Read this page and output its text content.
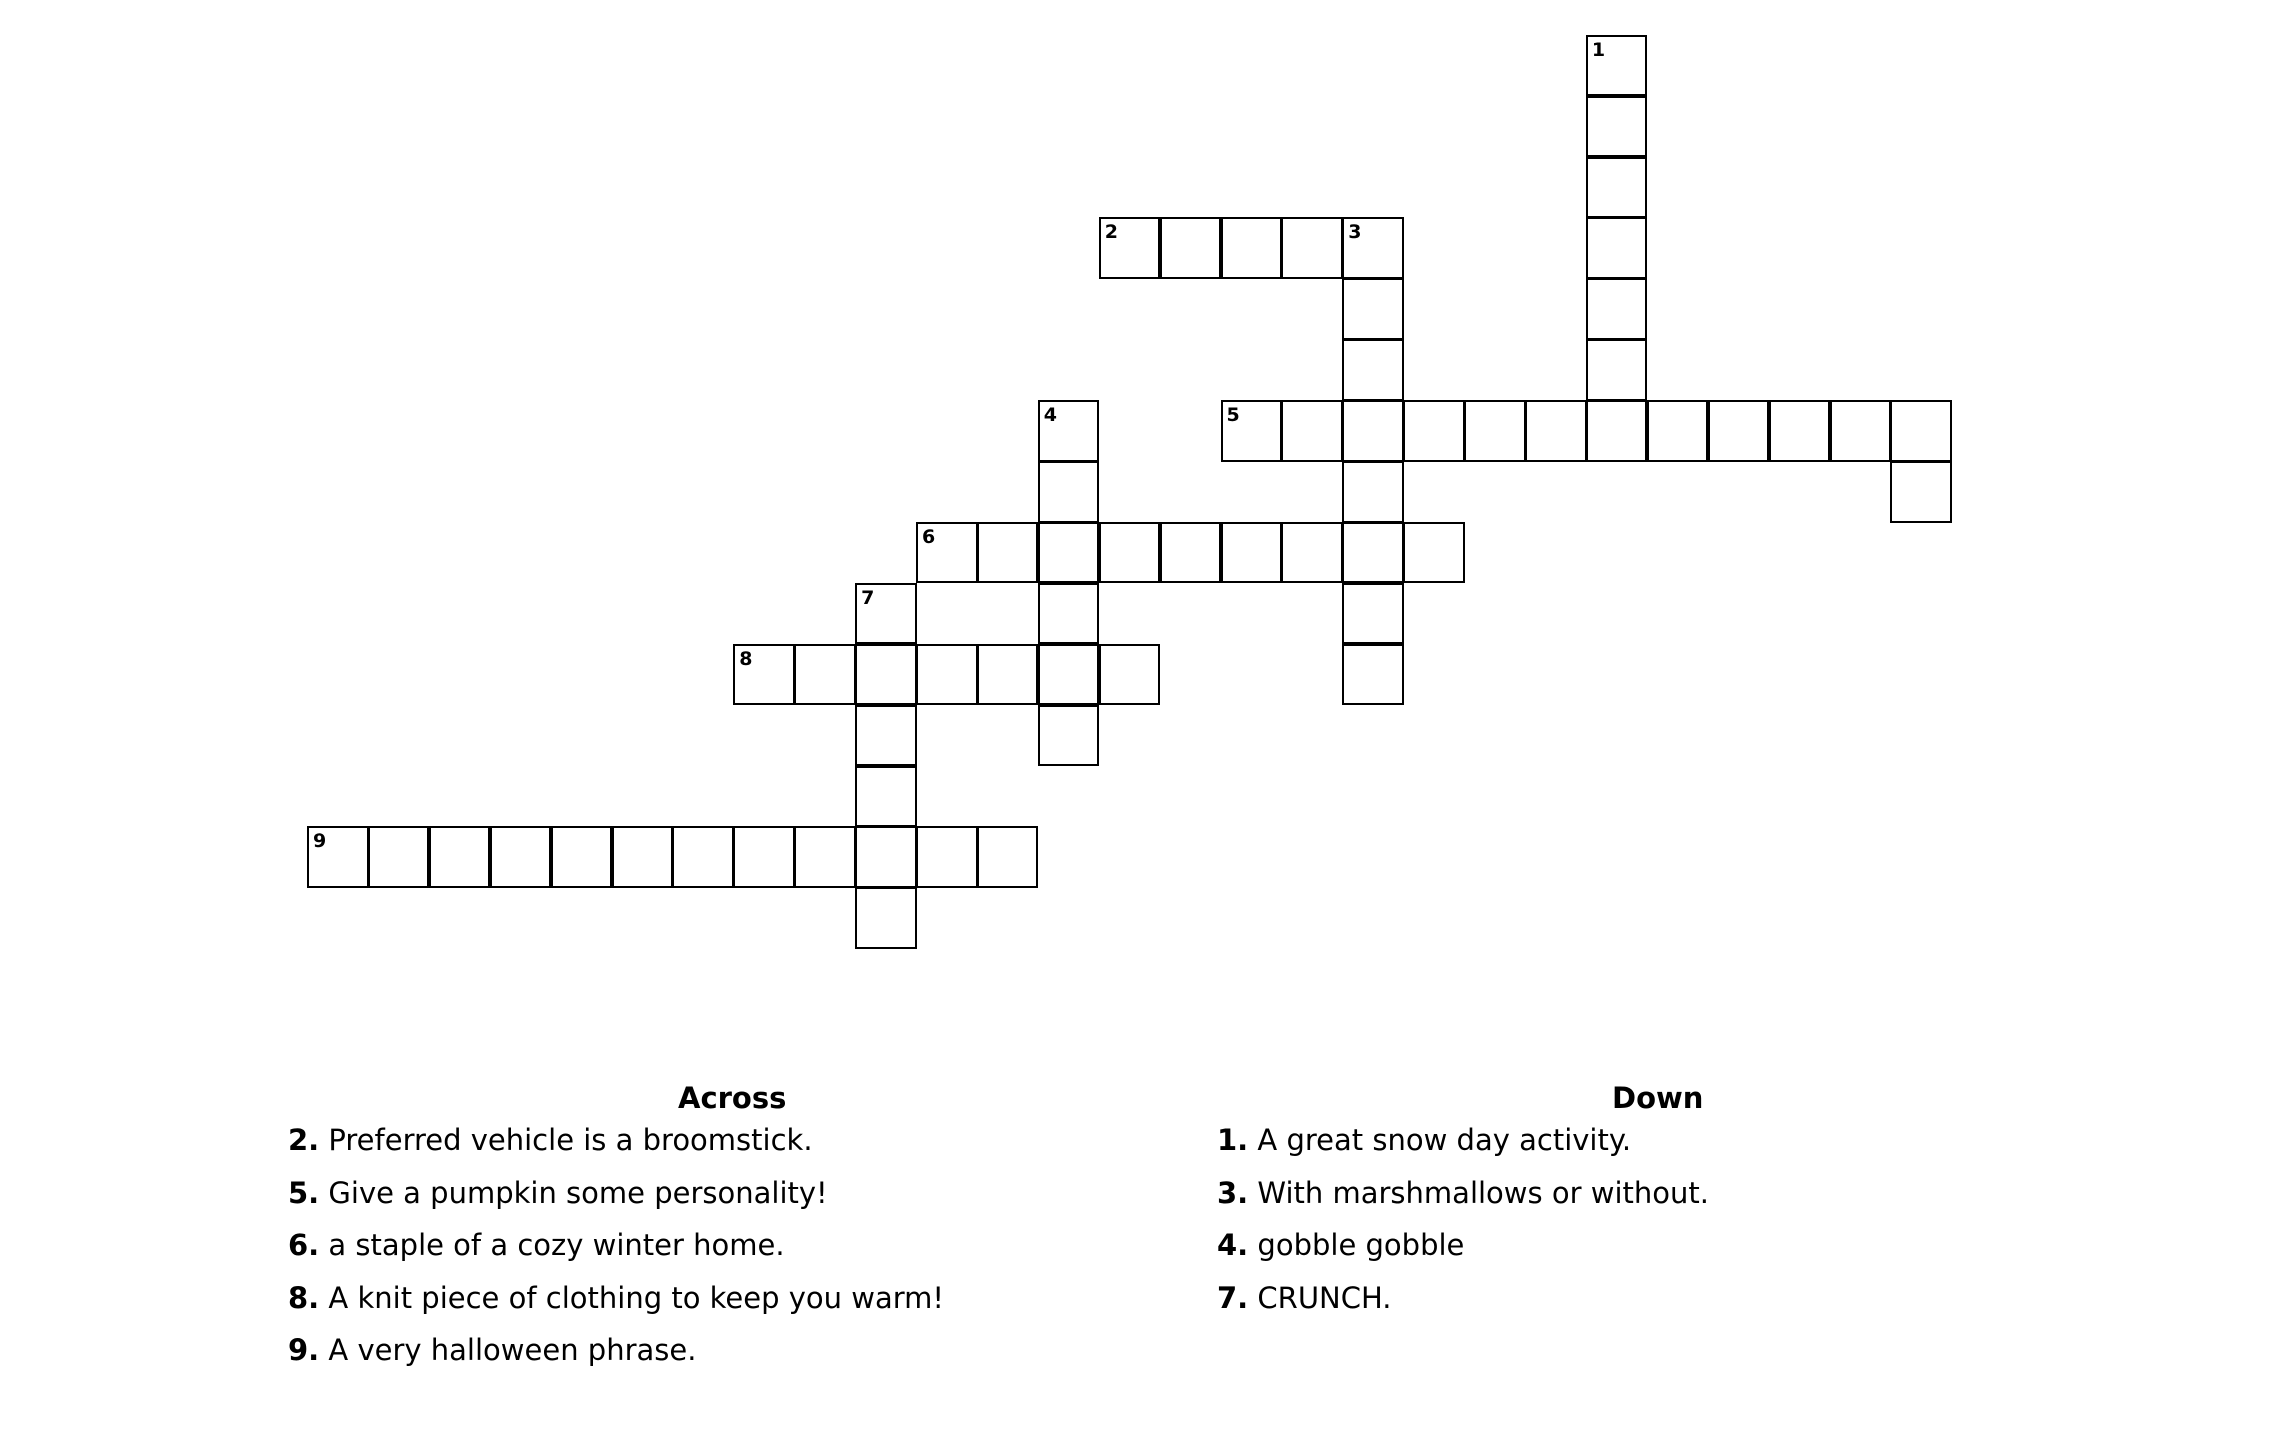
1
2	3
4	5
6
7
8
9
Across
2. Preferred vehicle is a broomstick.
5. Give a pumpkin some personality!
6. a staple of a cozy winter home.
8. A knit piece of clothing to keep you warm!
9. A very halloween phrase.
Down
1. A great snow day activity.
3. With marshmallows or without.
4. gobble gobble
7. CRUNCH.
